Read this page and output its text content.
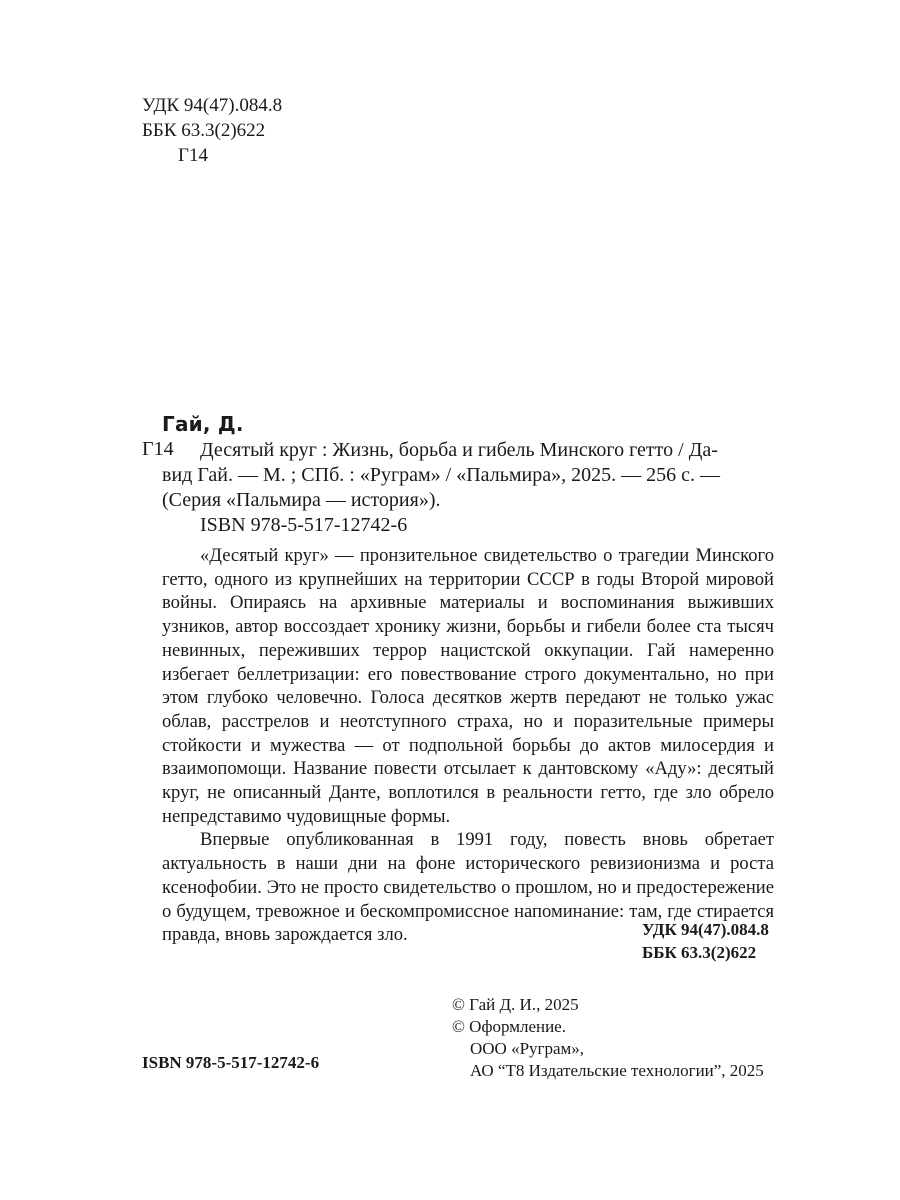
УДК 94(47).084.8
ББК 63.3(2)622
Г14
Гай, Д.
Г14	Десятый круг : Жизнь, борьба и гибель Минского гетто / Да-
вид Гай. — М. ; СПб. : «Руграм» / «Пальмира», 2025. — 256 с. —
(Серия «Пальмира — история»).
ISBN 978-5-517-12742-6

«Десятый круг» — пронзительное свидетельство о трагедии Минского гетто, одного из крупнейших на территории СССР в годы Второй мировой войны. Опираясь на архивные материалы и воспоминания выживших узников, автор воссоздает хронику жизни, борьбы и гибели более ста тысяч невинных, переживших террор нацистской оккупации. Гай намеренно избегает беллетризации: его повествование строго документально, но при этом глубоко человечно. Голоса десятков жертв передают не только ужас облав, расстрелов и неотступного страха, но и поразительные примеры стойкости и мужества — от подпольной борьбы до актов милосердия и взаимопомощи. Название повести отсылает к дантовскому «Аду»: десятый круг, не описанный Данте, воплотился в реальности гетто, где зло обрело непредставимо чудовищные формы.

Впервые опубликованная в 1991 году, повесть вновь обретает актуальность в наши дни на фоне исторического ревизионизма и роста ксенофобии. Это не просто свидетельство о прошлом, но и предостережение о будущем, тревожное и бескомпромиссное напоминание: там, где стирается правда, вновь зарождается зло.	УДК 94(47).084.8
ББК 63.3(2)622
© Гай Д. И., 2025
© Оформление.
ООО «Руграм»,
АО “Т8 Издательские технологии”, 2025
ISBN 978-5-517-12742-6
